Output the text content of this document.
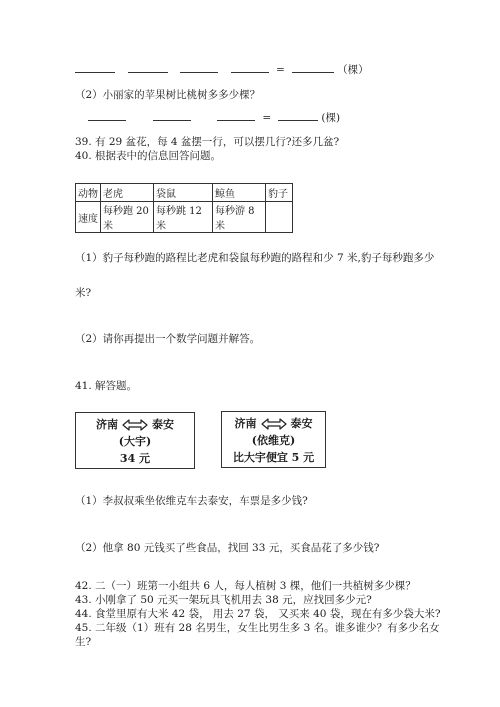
=	（棵）
（2）小丽家的苹果树比桃树多多少棵？
=	(棵)
39. 有 29 盆花，每 4 盆摆一行，可以摆几行?还多几盆?
40. 根据表中的信息回答问题。
动物	老虎	袋鼠	鲸鱼	豹子
速度	每秒跑 20 米	每秒跳 12 米	每秒游 8 米	
（1）豹子每秒跑的路程比老虎和袋鼠每秒跑的路程和少 7 米,豹子每秒跑多少
米?
（2）请你再提出一个数学问题并解答。
41. 解答题。
济南	泰安
(大宇)
34 元
济南	泰安
(依维克)
比大宇便宜 5 元
（1）李叔叔乘坐依维克车去泰安，车票是多少钱?
（2）他拿 80 元钱买了些食品，找回 33 元，买食品花了多少钱?
42. 二（一）班第一小组共 6 人，每人植树 3 棵，他们一共植树多少棵？
43. 小刚拿了 50 元买一架玩具飞机用去 38 元，应找回多少元?
44. 食堂里原有大米 42 袋， 用去 27 袋， 又买来 40 袋，现在有多少袋大米?
45. 二年级（1）班有 28 名男生，女生比男生多 3 名。谁多谁少？有多少名女
生?
